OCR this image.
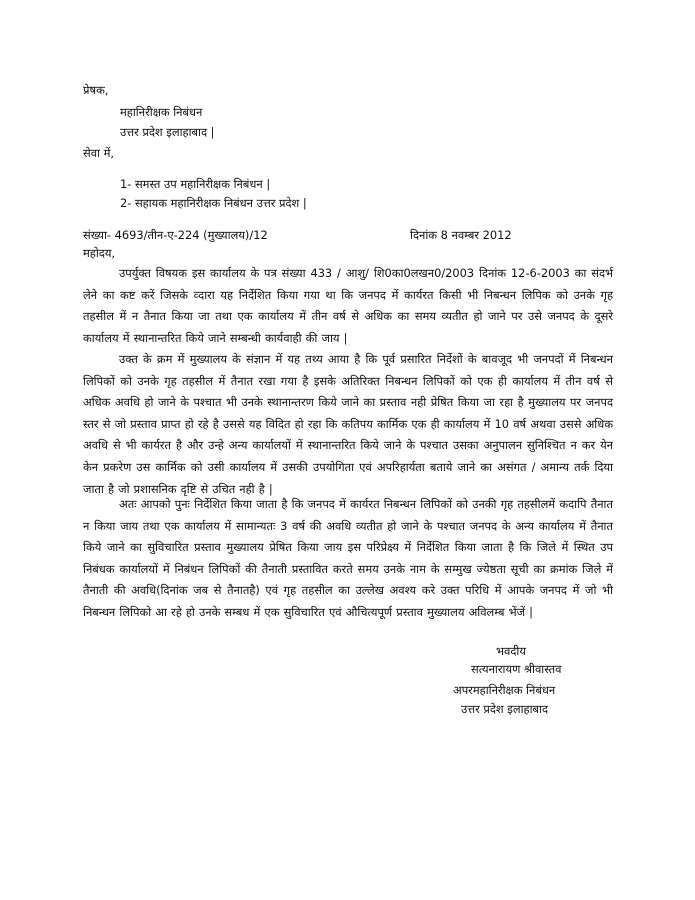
प्रेषक,
महानिरीक्षक निबंधन
उत्तर प्रदेश इलाहाबाद |
सेवा में,
1- समस्त उप महानिरीक्षक निबंधन |
2- सहायक महानिरीक्षक निबंधन उत्तर प्रदेश |
संख्या- 4693/तीन-ए-224 (मुख्यालय)/12	दिनांक 8 नवम्बर 2012
महोदय,
उपर्युक्त विषयक इस कार्यालय के पत्र संख्या 433 / आशु/ शि0का0लखन0/2003 दिनांक 12-6-2003 का संदर्भ लेने का कष्ट करें जिसके व्दारा यह निर्देशित किया गया था कि जनपद में कार्यरत किसी भी निबन्धन लिपिक को उनके गृह तहसील में न तैनात किया जा तथा एक कार्यालय में तीन वर्ष से अधिक का समय व्यतीत हो जाने पर उसे जनपद के दूसरे कार्यालय में स्थानान्तरित किये जाने सम्बन्धी कार्यवाही की जाय |
उक्त के क्रम में मुख्यालय के संज्ञान में यह तथ्य आया है कि पूर्व प्रसारित निर्देशों के बावजूद भी जनपदों में निबन्धन लिपिकों को उनके गृह तहसील में तैनात रखा गया है इसके अतिरिक्त निबन्धन लिपिकों को एक ही कार्यालय में तीन वर्ष से अधिक अवधि हो जाने के पश्चात भी उनके स्थानान्तरण किये जाने का प्रस्ताव नही प्रेषित किया जा रहा है मुख्यालय पर जनपद स्तर से जो प्रस्ताव प्राप्त हो रहे है उससे यह विदित हो रहा कि कतिपय कार्मिक एक ही कार्यालय में 10 वर्ष अथवा उससे अधिक अवधि से भी कार्यरत है और उन्हे अन्य कार्यालयों में स्थानान्तरित किये जाने के पश्चात उसका अनुपालन सुनिश्चित न कर येन केन प्रकरेण उस कार्मिक को उसी कार्यालय में उसकी उपयोगिता एवं अपरिहार्यता बताये जाने का असंगत / अमान्य तर्क दिया जाता है जो प्रशासनिक दृष्टि से उचित नही है |
अतः आपको पुनः निर्देशित किया जाता है कि जनपद में कार्यरत निबन्धन लिपिकों को उनकी गृह तहसीलमें कदापि तैनात न किया जाय तथा एक कार्यालय में सामान्यतः 3 वर्ष की अवधि व्यतीत हो जाने के पश्चात जनपद के अन्य कार्यालय में तैनात किये जाने का सुविचारित प्रस्ताव मुख्यालय प्रेषित किया जाय इस परिप्रेक्ष्य में निर्देशित किया जाता है कि जिले में स्थित उप निबंधक कार्यालयों में निबंधन लिपिकों की तैनाती प्रस्तावित करते समय उनके नाम के सम्मुख ज्येष्ठता सूची का क्रमांक जिले में तैनाती की अवधि(दिनांक जब से तैनातहै) एवं गृह तहसील का उल्लेख अवश्य करे उक्त परिधि में आपके जनपद में जो भी निबन्धन लिपिको आ रहे हो उनके सम्बध में एक सुविचारित एवं औचित्यपूर्ण प्रस्ताव मुख्यालय अविलम्ब भेंजें |
भवदीय
सत्यनारायण श्रीवास्तव
अपरमहानिरीक्षक निबंधन
उत्तर प्रदेश इलाहाबाद
